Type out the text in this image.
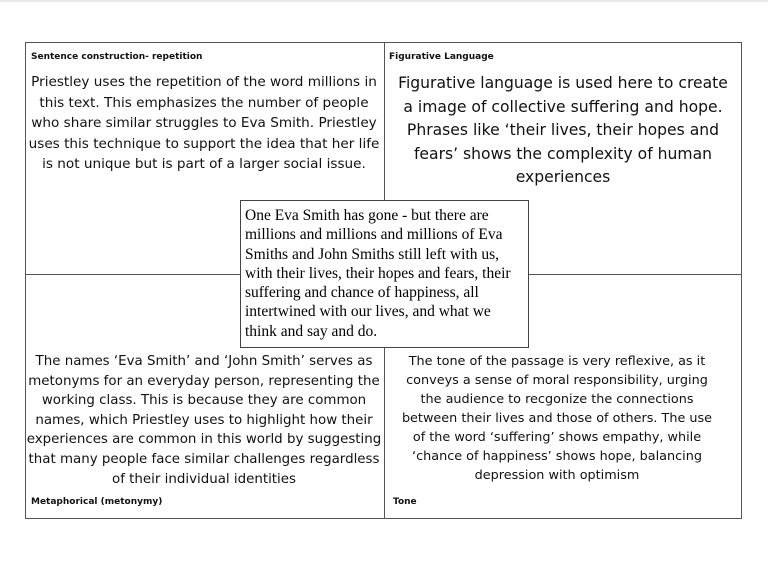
Sentence construction- repetition
Priestley uses the repetition of the word millions in this text. This emphasizes the number of people who share similar struggles to Eva Smith. Priestley uses this technique to support the idea that her life is not unique but is part of a larger social issue.
Figurative Language
Figurative language is used here to create a image of collective suffering and hope. Phrases like ‘their lives, their hopes and fears’ shows the complexity of human experiences
The names ‘Eva Smith’ and ‘John Smith’ serves as metonyms for an everyday person, representing the working class. This is because they are common names, which Priestley uses to highlight how their experiences are common in this world by suggesting that many people face similar challenges regardless of their individual identities
Metaphorical (metonymy)
The tone of the passage is very reflexive, as it conveys a sense of moral responsibility, urging the audience to recgonize the connections between their lives and those of others. The use of the word ‘suffering’ shows empathy, while ‘chance of happiness’ shows hope, balancing depression with optimism
Tone
One Eva Smith has gone - but there are millions and millions and millions of Eva Smiths and John Smiths still left with us, with their lives, their hopes and fears, their suffering and chance of happiness, all intertwined with our lives, and what we think and say and do.
